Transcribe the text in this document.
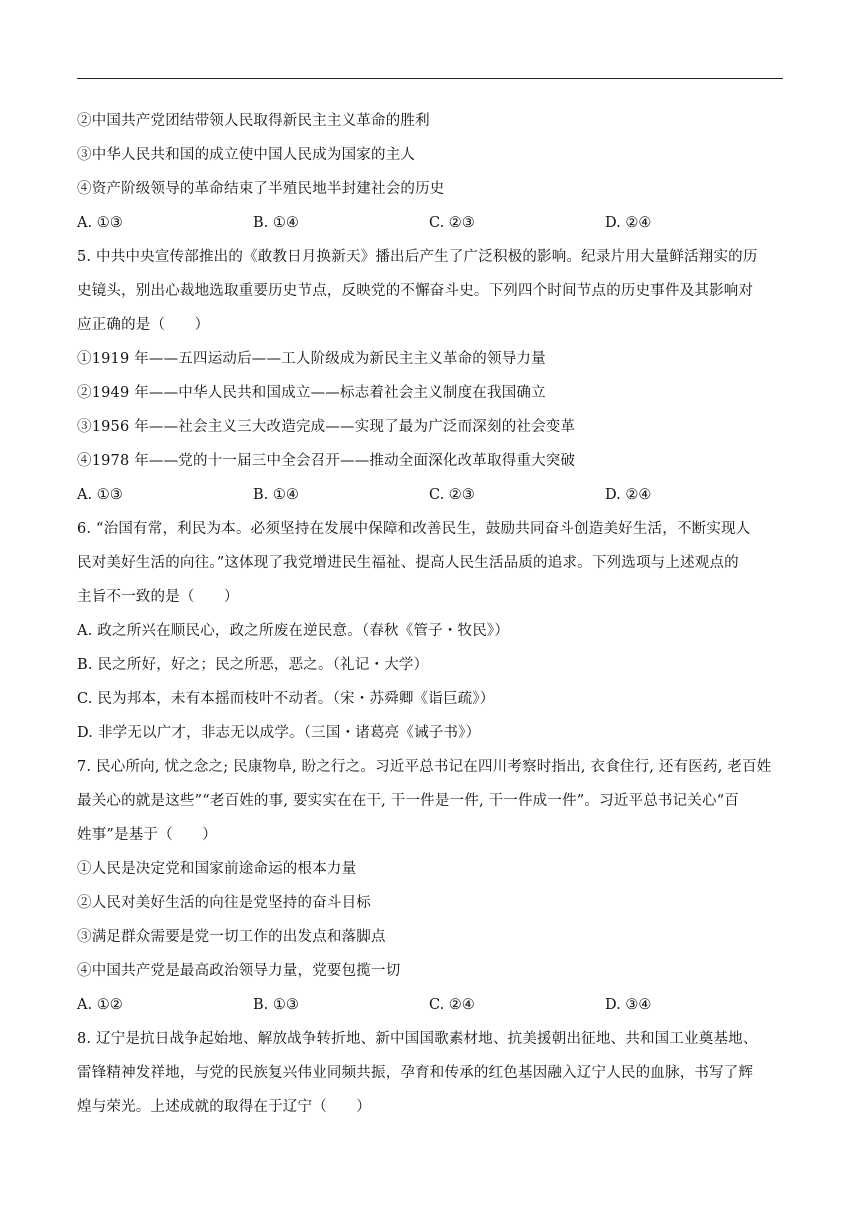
②中国共产党团结带领人民取得新民主主义革命的胜利
③中华人民共和国的成立使中国人民成为国家的主人
④资产阶级领导的革命结束了半殖民地半封建社会的历史
A. ①③	B. ①④	C. ②③	D. ②④
5. 中共中央宣传部推出的《敢教日月换新天》播出后产生了广泛积极的影响。纪录片用大量鲜活翔实的历
史镜头，别出心裁地选取重要历史节点，反映党的不懈奋斗史。下列四个时间节点的历史事件及其影响对
应正确的是（　　）
①1919 年——五四运动后——工人阶级成为新民主主义革命的领导力量
②1949 年——中华人民共和国成立——标志着社会主义制度在我国确立
③1956 年——社会主义三大改造完成——实现了最为广泛而深刻的社会变革
④1978 年——党的十一届三中全会召开——推动全面深化改革取得重大突破
A. ①③	B. ①④	C. ②③	D. ②④
6. “治国有常，利民为本。必须坚持在发展中保障和改善民生，鼓励共同奋斗创造美好生活，不断实现人
民对美好生活的向往。”这体现了我党增进民生福祉、提高人民生活品质的追求。下列选项与上述观点的
主旨不一致的是（　　）
A. 政之所兴在顺民心，政之所废在逆民意。（春秋《管子・牧民》）
B. 民之所好，好之；民之所恶，恶之。（礼记・大学）
C. 民为邦本，未有本摇而枝叶不动者。（宋・苏舜卿《诣巨疏》）
D. 非学无以广才，非志无以成学。（三国・诸葛亮《诫子书》）
7. 民心所向, 忧之念之; 民康物阜, 盼之行之。习近平总书记在四川考察时指出, 衣食住行, 还有医药, 老百姓
最关心的就是这些”“老百姓的事, 要实实在在干, 干一件是一件, 干一件成一件”。习近平总书记关心“百
姓事”是基于（　　）
①人民是决定党和国家前途命运的根本力量
②人民对美好生活的向往是党坚持的奋斗目标
③满足群众需要是党一切工作的出发点和落脚点
④中国共产党是最高政治领导力量，党要包揽一切
A. ①②	B. ①③	C. ②④	D. ③④
8. 辽宁是抗日战争起始地、解放战争转折地、新中国国歌素材地、抗美援朝出征地、共和国工业奠基地、
雷锋精神发祥地，与党的民族复兴伟业同频共振，孕育和传承的红色基因融入辽宁人民的血脉，书写了辉
煌与荣光。上述成就的取得在于辽宁（　　）
